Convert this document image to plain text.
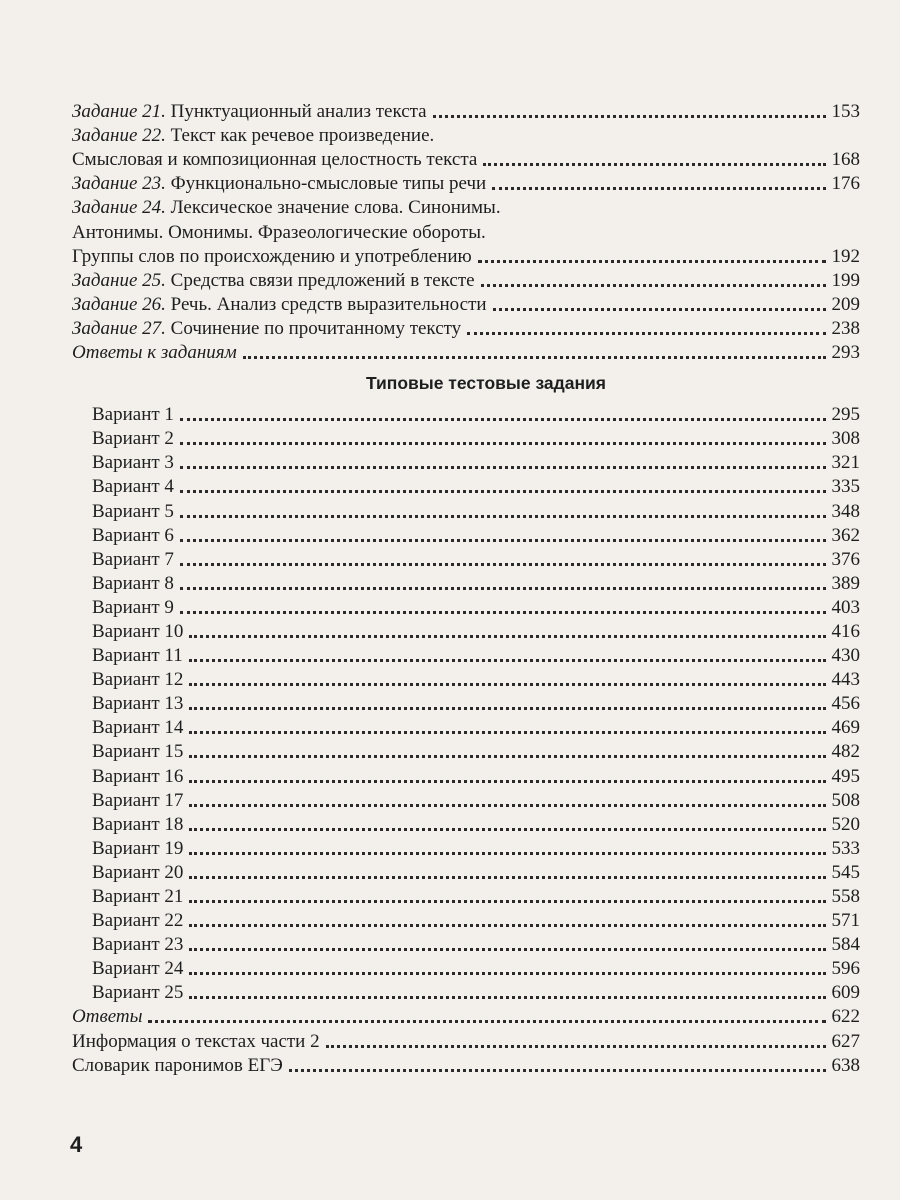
Задание 21. Пунктуационный анализ текста	153
Задание 22. Текст как речевое произведение.
Смысловая и композиционная целостность текста	168
Задание 23. Функционально-смысловые типы речи	176
Задание 24. Лексическое значение слова. Синонимы.
Антонимы. Омонимы. Фразеологические обороты.
Группы слов по происхождению и употреблению	192
Задание 25. Средства связи предложений в тексте	199
Задание 26. Речь. Анализ средств выразительности	209
Задание 27. Сочинение по прочитанному тексту	238
Ответы к заданиям	293
Типовые тестовые задания
Вариант 1	295
Вариант 2	308
Вариант 3	321
Вариант 4	335
Вариант 5	348
Вариант 6	362
Вариант 7	376
Вариант 8	389
Вариант 9	403
Вариант 10	416
Вариант 11	430
Вариант 12	443
Вариант 13	456
Вариант 14	469
Вариант 15	482
Вариант 16	495
Вариант 17	508
Вариант 18	520
Вариант 19	533
Вариант 20	545
Вариант 21	558
Вариант 22	571
Вариант 23	584
Вариант 24	596
Вариант 25	609
Ответы	622
Информация о текстах части 2	627
Словарик паронимов ЕГЭ	638
4
